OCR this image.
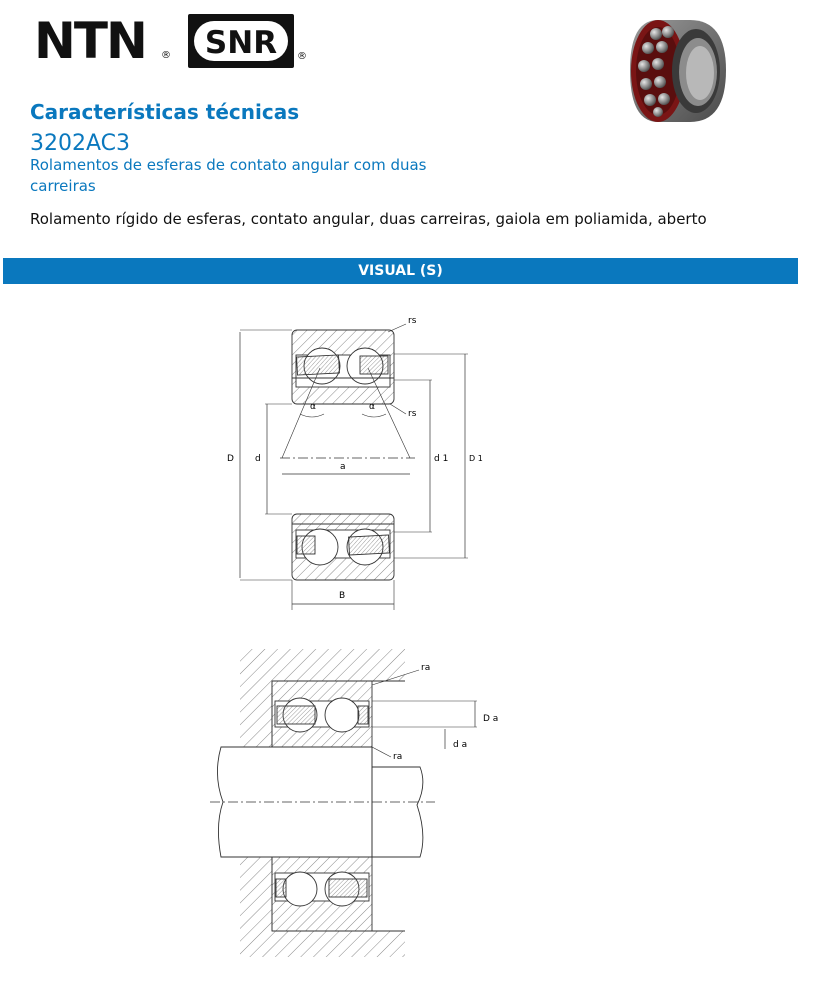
NTN ® SNR ®
Características técnicas
3202AC3

Rolamentos de esferas de contato angular com duas carreiras

Rolamento rígido de esferas, contato angular, duas carreiras, gaiola em poliamida, aberto

VISUAL (S)
rs
rs
α	α
D d
a
d 1	D 1
B
ra
ra
D a
d a
